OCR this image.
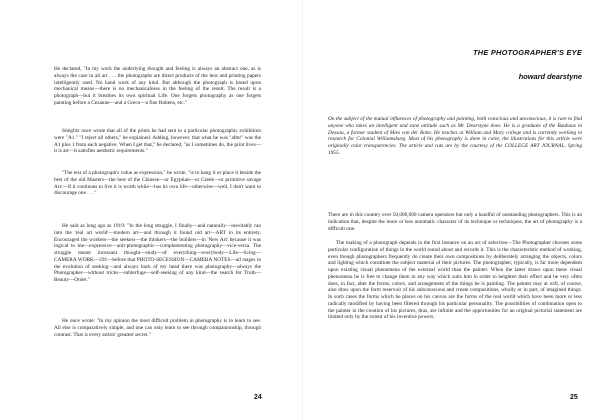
He declared, "In my work the underlying thought and feeling is always an abstract one, as is always the case in all art . . . the photographs are direct products of the lens and printing papers intelligently used. No hand work of any kind. But although the photograph is based upon mechanical means—there is no mechanicalness in the feeling of the result. The result is a photograph—but it breathes its own spiritual Life. One forgets photography as one forgets painting before a Cezanne—and a Greco—a fine Rubens, etc."

Stieglitz once wrote that all of the prints he had sent to a particular photographic exhibition were "A1." "I reject all others," he explained. Adding, however, that what he was "after" was the A1 plus 1 from each negative. When I get that," he declared, "as I sometimes do, the print lives—it is art—it satisfies aesthetic requirements."

"The test of a photograph's value as expression," he wrote, "is to hang it or place it beside the best of the old Masters—the best of the Chinese—or Egyptian—or Greek—or primitive savage Art:—if it continues to live it is worth while—has its own life—otherwise—well, I don't want to discourage one . . ."

He said as long ago as 1919: "In the long struggle, I finally—and naturally—inevitably ran into the 'real art world'—modern art—and through it found old art—ART in its entirety. Encouraged the workers—the seekers—the thinkers—the builders—in 'New Art' because it was logical to me—expressive—anti-photographic—complementing photography—vice-versa. The struggle meant incessant thought—study—of everything—everybody—Life—living—CAMERA WORK—291—before that PHOTO-SECESSION—CAMERA NOTES—all stages in the evolution of seeking—and always back of my head there was photography—always the Photographer—without tricks—subterfuge—self-seeking of any kind—the search for Truth—Beauty—Order."

He once wrote: "In my opinion the most difficult problem in photography is to learn to see. All else is comparatively simple, and one can only learn to see through companionship, through contrast. That is every artists' greatest secret."

24

THE PHOTOGRAPHER'S EYE

howard dearstyne

On the subject of the mutual influences of photography and painting, both conscious and unconscious, it is rare to find anyone who takes an intelligent and sane attitude such as Mr. Dearstyne does. He is a graduate of the Bauhaus in Dessau, a former student of Mies van der Rohe. He teaches at William and Mary college and is currently working in research for Colonial Williamsburg. Most of his photography is done in color, the illustrations for this article were originally color transparencies. The article and cuts are by the courtesy of the COLLEGE ART JOURNAL, Spring 1955.

There are in this country over 50,000,000 camera operators but only a handful of outstanding photographers. This is an indication that, despite the more or less automatic character of its technique or techniques, the art of photography is a difficult one.

The making of a photograph depends in the first instance on an act of selection—The Photographer chooses some particular configuration of things in the world round about and records it. This is the characteristic method of working, even though photographers frequently do create their own compositions by deliberately arranging the objects, colors and lighting which constitute the subject material of their pictures. The photographer, typically, is far more dependent upon existing visual phenomena of the external world than the painter. When the latter draws upon these visual phenomena he is free to change them in any way which suits him in order to heighten their effect and he very often does, in fact, alter the forms, colors, and arrangement of the things he is painting. The painter may at will, of course, also draw upon the form reservoir of his subconscious and create compositions, wholly or in part, of imagined things. In such cases the forms which he places on his canvas are the forms of the real world which have been more or less radically modified by having been filtered through his particular personality. The possibilities of combination open to the painter in the creation of his pictures, thus, are infinite and the opportunities for an original pictorial statement are limited only by the extent of his inventive powers.

25
